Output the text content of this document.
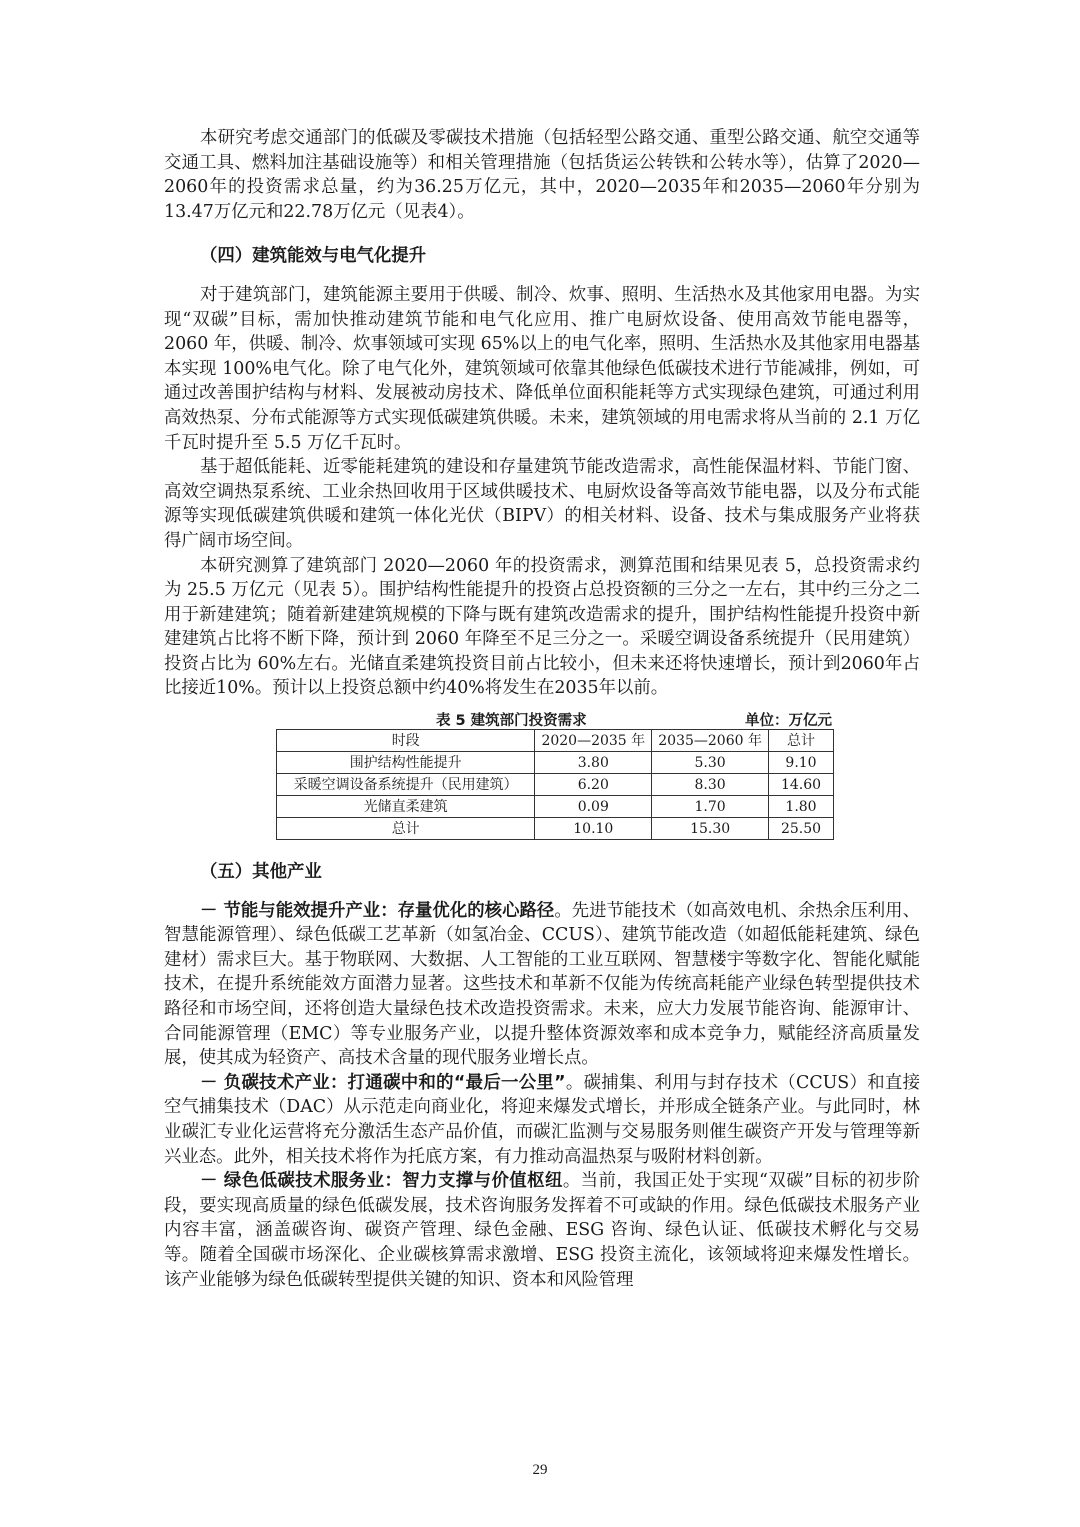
本研究考虑交通部门的低碳及零碳技术措施（包括轻型公路交通、重型公路交通、航空交通等交通工具、燃料加注基础设施等）和相关管理措施（包括货运公转铁和公转水等），估算了2020—2060年的投资需求总量，约为36.25万亿元，其中，2020—2035年和2035—2060年分别为13.47万亿元和22.78万亿元（见表4）。

（四）建筑能效与电气化提升

对于建筑部门，建筑能源主要用于供暖、制冷、炊事、照明、生活热水及其他家用电器。为实现“双碳”目标，需加快推动建筑节能和电气化应用、推广电厨炊设备、使用高效节能电器等，2060 年，供暖、制冷、炊事领域可实现 65%以上的电气化率，照明、生活热水及其他家用电器基本实现 100%电气化。除了电气化外，建筑领域可依靠其他绿色低碳技术进行节能减排，例如，可通过改善围护结构与材料、发展被动房技术、降低单位面积能耗等方式实现绿色建筑，可通过利用高效热泵、分布式能源等方式实现低碳建筑供暖。未来，建筑领域的用电需求将从当前的 2.1 万亿千瓦时提升至 5.5 万亿千瓦时。

基于超低能耗、近零能耗建筑的建设和存量建筑节能改造需求，高性能保温材料、节能门窗、高效空调热泵系统、工业余热回收用于区域供暖技术、电厨炊设备等高效节能电器，以及分布式能源等实现低碳建筑供暖和建筑一体化光伏（BIPV）的相关材料、设备、技术与集成服务产业将获得广阔市场空间。

本研究测算了建筑部门 2020—2060 年的投资需求，测算范围和结果见表 5，总投资需求约为 25.5 万亿元（见表 5）。围护结构性能提升的投资占总投资额的三分之一左右，其中约三分之二用于新建建筑；随着新建建筑规模的下降与既有建筑改造需求的提升，围护结构性能提升投资中新建建筑占比将不断下降，预计到 2060 年降至不足三分之一。采暖空调设备系统提升（民用建筑）投资占比为 60%左右。光储直柔建筑投资目前占比较小，但未来还将快速增长，预计到2060年占比接近10%。预计以上投资总额中约40%将发生在2035年以前。

表 5 建筑部门投资需求	单位：万亿元
时段	2020—2035 年	2035—2060 年	总计
围护结构性能提升	3.80	5.30	9.10
采暖空调设备系统提升（民用建筑）	6.20	8.30	14.60
光储直柔建筑	0.09	1.70	1.80
总计	10.10	15.30	25.50
（五）其他产业

－ 节能与能效提升产业：存量优化的核心路径。先进节能技术（如高效电机、余热余压利用、智慧能源管理）、绿色低碳工艺革新（如氢冶金、CCUS）、建筑节能改造（如超低能耗建筑、绿色建材）需求巨大。基于物联网、大数据、人工智能的工业互联网、智慧楼宇等数字化、智能化赋能技术，在提升系统能效方面潜力显著。这些技术和革新不仅能为传统高耗能产业绿色转型提供技术路径和市场空间，还将创造大量绿色技术改造投资需求。未来，应大力发展节能咨询、能源审计、合同能源管理（EMC）等专业服务产业，以提升整体资源效率和成本竞争力，赋能经济高质量发展，使其成为轻资产、高技术含量的现代服务业增长点。

－ 负碳技术产业：打通碳中和的“最后一公里”。碳捕集、利用与封存技术（CCUS）和直接空气捕集技术（DAC）从示范走向商业化，将迎来爆发式增长，并形成全链条产业。与此同时，林业碳汇专业化运营将充分激活生态产品价值，而碳汇监测与交易服务则催生碳资产开发与管理等新兴业态。此外，相关技术将作为托底方案，有力推动高温热泵与吸附材料创新。

－ 绿色低碳技术服务业：智力支撑与价值枢纽。当前，我国正处于实现“双碳”目标的初步阶段，要实现高质量的绿色低碳发展，技术咨询服务发挥着不可或缺的作用。绿色低碳技术服务产业内容丰富，涵盖碳咨询、碳资产管理、绿色金融、ESG 咨询、绿色认证、低碳技术孵化与交易等。随着全国碳市场深化、企业碳核算需求激增、ESG 投资主流化，该领域将迎来爆发性增长。该产业能够为绿色低碳转型提供关键的知识、资本和风险管理

29
